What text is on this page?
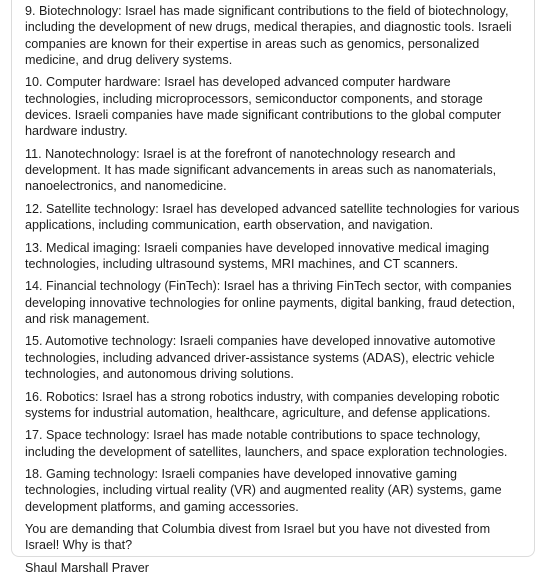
9. Biotechnology: Israel has made significant contributions to the field of biotechnology, including the development of new drugs, medical therapies, and diagnostic tools. Israeli companies are known for their expertise in areas such as genomics, personalized medicine, and drug delivery systems.

10. Computer hardware: Israel has developed advanced computer hardware technologies, including microprocessors, semiconductor components, and storage devices. Israeli companies have made significant contributions to the global computer hardware industry.

11. Nanotechnology: Israel is at the forefront of nanotechnology research and development. It has made significant advancements in areas such as nanomaterials, nanoelectronics, and nanomedicine.

12. Satellite technology: Israel has developed advanced satellite technologies for various applications, including communication, earth observation, and navigation.

13. Medical imaging: Israeli companies have developed innovative medical imaging technologies, including ultrasound systems, MRI machines, and CT scanners.

14. Financial technology (FinTech): Israel has a thriving FinTech sector, with companies developing innovative technologies for online payments, digital banking, fraud detection, and risk management.

15. Automotive technology: Israeli companies have developed innovative automotive technologies, including advanced driver-assistance systems (ADAS), electric vehicle technologies, and autonomous driving solutions.

16. Robotics: Israel has a strong robotics industry, with companies developing robotic systems for industrial automation, healthcare, agriculture, and defense applications.

17. Space technology: Israel has made notable contributions to space technology, including the development of satellites, launchers, and space exploration technologies.

18. Gaming technology: Israeli companies have developed innovative gaming technologies, including virtual reality (VR) and augmented reality (AR) systems, game development platforms, and gaming accessories.

You are demanding that Columbia divest from Israel but you have not divested from Israel! Why is that?

Shaul Marshall Praver
